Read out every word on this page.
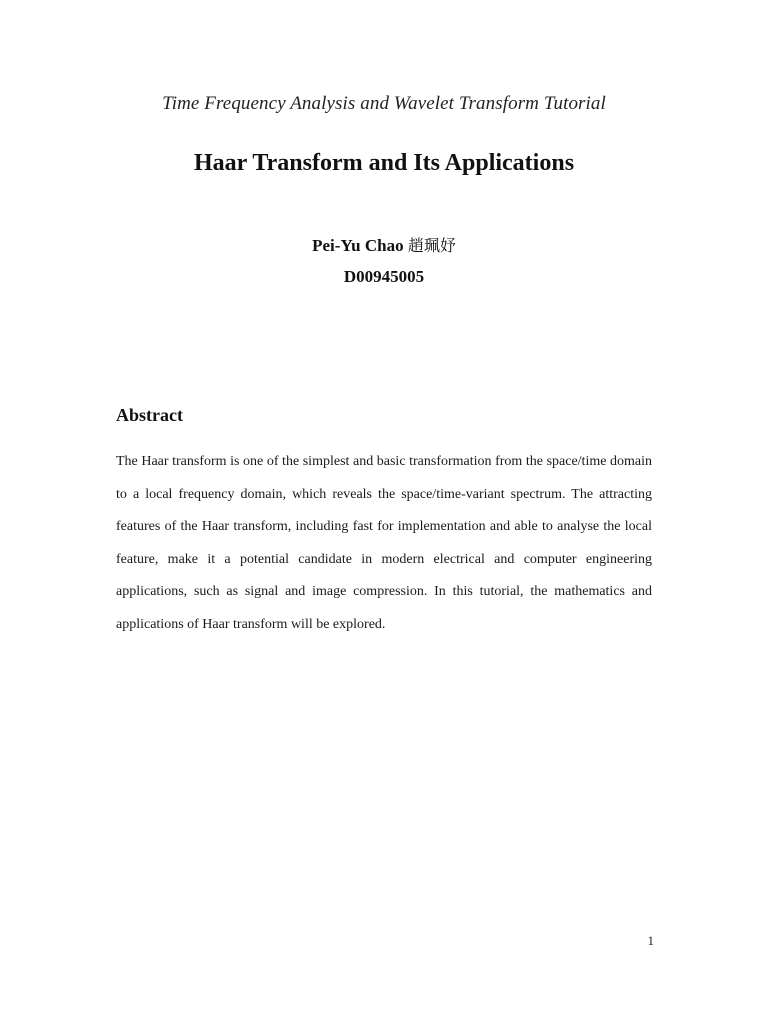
Time Frequency Analysis and Wavelet Transform Tutorial
Haar Transform and Its Applications
Pei-Yu Chao 趙珮妤
D00945005
Abstract
The Haar transform is one of the simplest and basic transformation from the space/time domain to a local frequency domain, which reveals the space/time-variant spectrum. The attracting features of the Haar transform, including fast for implementation and able to analyse the local feature, make it a potential candidate in modern electrical and computer engineering applications, such as signal and image compression. In this tutorial, the mathematics and applications of Haar transform will be explored.
1
